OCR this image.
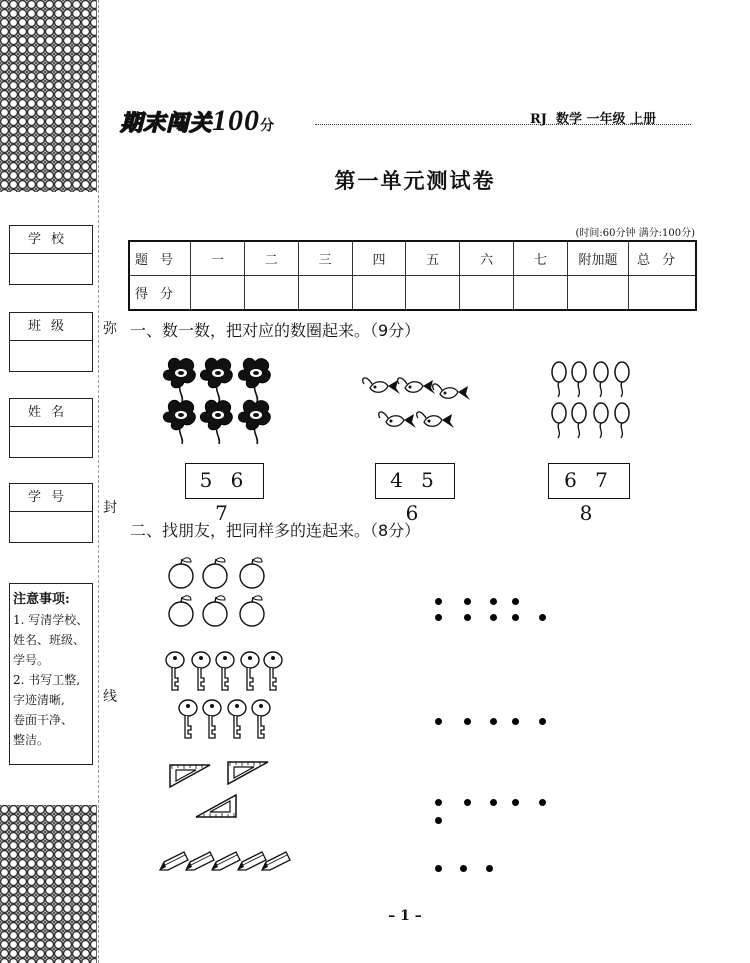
学校
班级
姓名
学号
注意事项:
1. 写清学校、
姓名、班级、
学号。
2. 书写工整,
字迹清晰,
卷面干净、
整洁。
弥
封
线
期末闯关100分	RJ 数学 一年级 上册
第一单元测试卷
(时间:60分钟 满分:100分)
题号	一	二	三	四	五	六	七	附加题	总分
得分									
一、数一数，把对应的数圈起来。（9分）
5 6 7
4 5 6
6 7 8
二、找朋友，把同样多的连起来。（8分）
– 1 –
